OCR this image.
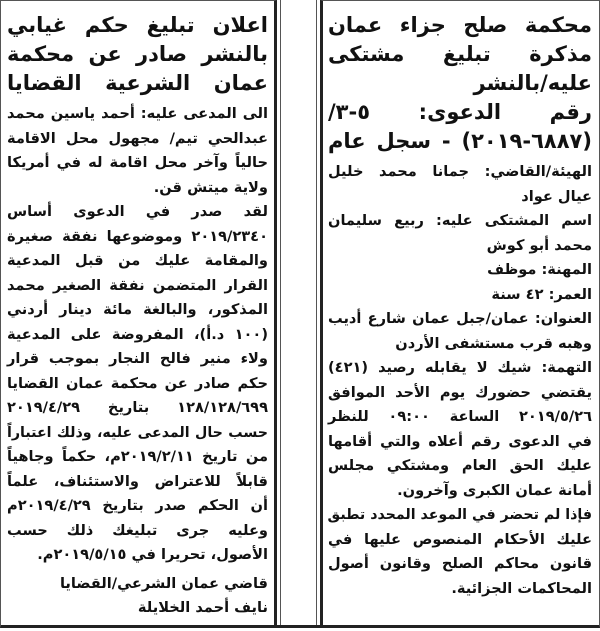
محكمة صلح جزاء عمان
مذكرة تبليغ مشتكى
عليه/بالنشر
رقم الدعوى: ٥-٣/
(٦٨٨٧-٢٠١٩) - سجل عام
الهيئة/القاضي: جمانا محمد خليل
عيال عواد
اسم المشتكى عليه: ربيع سليمان
محمد أبو كوش
المهنة: موظف
العمر: ٤٢ سنة
العنوان: عمان/جبل عمان شارع أديب
وهبه قرب مستشفى الأردن
التهمة: شيك لا يقابله رصيد (٤٢١)
يقتضي حضورك يوم الأحد الموافق
٢٠١٩/٥/٢٦ الساعة ٠٩:٠٠ للنظر
في الدعوى رقم أعلاه والتي أقامها
عليك الحق العام ومشتكي مجلس
أمانة عمان الكبرى وآخرون.
فإذا لم تحضر في الموعد المحدد تطبق
عليك الأحكام المنصوص عليها في
قانون محاكم الصلح وقانون أصول
المحاكمات الجزائية.
اعلان تبليغ حكم غيابي
بالنشر صادر عن محكمة
عمان الشرعية القضايا
الى المدعى عليه: أحمد ياسين محمد
عبدالحي تيم/ مجهول محل الاقامة
حالياً وآخر محل اقامة له في أمريكا
ولاية ميتش قن.
لقد صدر في الدعوى أساس
٢٠١٩/٢٣٤٠ وموضوعها نفقة صغيرة
والمقامة عليك من قبل المدعية
القرار المتضمن نفقة الصغير محمد
المذكور، والبالغة مائة دينار أردني
(١٠٠ د.أ)، المفروضة على المدعية
ولاء منير فالح النجار بموجب قرار
حكم صادر عن محكمة عمان القضايا
١٢٨/١٢٨/٦٩٩ بتاريخ ٢٠١٩/٤/٢٩
حسب حال المدعى عليه، وذلك اعتباراً
من تاريخ ٢٠١٩/٢/١١م، حكماً وجاهياً
قابلاً للاعتراض والاستئناف، علماً
أن الحكم صدر بتاريخ ٢٠١٩/٤/٢٩م
وعليه جرى تبليغك ذلك حسب
الأصول، تحريرا في ٢٠١٩/٥/١٥م.
قاضي عمان الشرعي/القضايا
نايف أحمد الخلايلة
